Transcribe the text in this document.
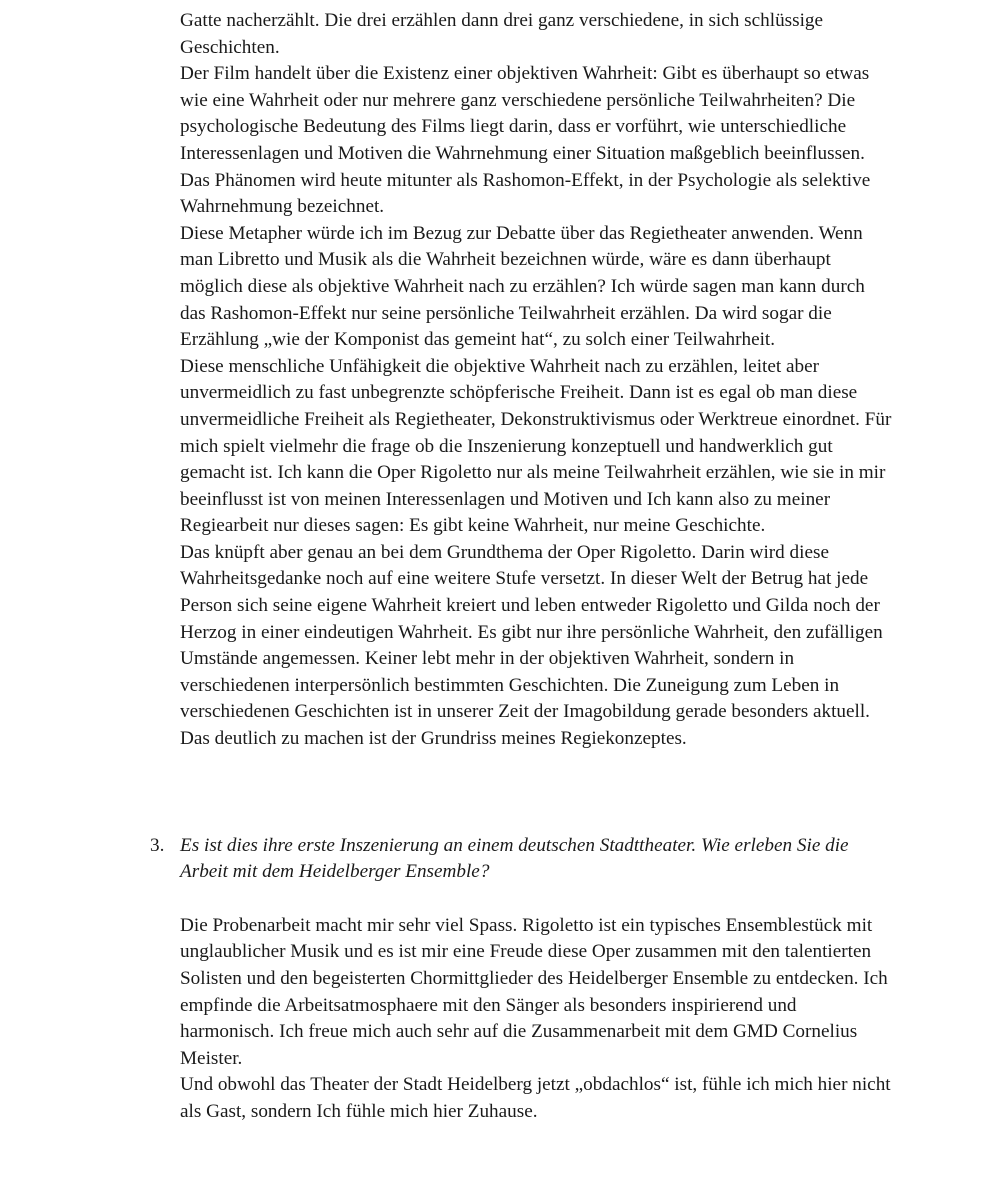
Gatte nacherzählt. Die drei erzählen dann drei ganz verschiedene, in sich schlüssige Geschichten.

Der Film handelt über die Existenz einer objektiven Wahrheit: Gibt es überhaupt so etwas wie eine Wahrheit oder nur mehrere ganz verschiedene persönliche Teilwahrheiten? Die psychologische Bedeutung des Films liegt darin, dass er vorführt, wie unterschiedliche Interessenlagen und Motiven die Wahrnehmung einer Situation maßgeblich beeinflussen. Das Phänomen wird heute mitunter als Rashomon-Effekt, in der Psychologie als selektive Wahrnehmung bezeichnet.

Diese Metapher würde ich im Bezug zur Debatte über das Regietheater anwenden. Wenn man Libretto und Musik als die Wahrheit bezeichnen würde, wäre es dann überhaupt möglich diese als objektive Wahrheit nach zu erzählen? Ich würde sagen man kann durch das Rashomon-Effekt nur seine persönliche Teilwahrheit erzählen. Da wird sogar die Erzählung „wie der Komponist das gemeint hat“, zu solch einer Teilwahrheit.

Diese menschliche Unfähigkeit die objektive Wahrheit nach zu erzählen, leitet aber unvermeidlich zu fast unbegrenzte schöpferische Freiheit. Dann ist es egal ob man diese unvermeidliche Freiheit als Regietheater, Dekonstruktivismus oder Werktreue einordnet. Für mich spielt vielmehr die frage ob die Inszenierung konzeptuell und handwerklich gut gemacht ist. Ich kann die Oper Rigoletto nur als meine Teilwahrheit erzählen, wie sie in mir beeinflusst ist von meinen Interessenlagen und Motiven und Ich kann also zu meiner Regiearbeit nur dieses sagen: Es gibt keine Wahrheit, nur meine Geschichte.

Das knüpft aber genau an bei dem Grundthema der Oper Rigoletto. Darin wird diese Wahrheitsgedanke noch auf eine weitere Stufe versetzt. In dieser Welt der Betrug hat jede Person sich seine eigene Wahrheit kreiert und leben entweder Rigoletto und Gilda noch der Herzog in einer eindeutigen Wahrheit. Es gibt nur ihre persönliche Wahrheit, den zufälligen Umstände angemessen. Keiner lebt mehr in der objektiven Wahrheit, sondern in verschiedenen interpersönlich bestimmten Geschichten. Die Zuneigung zum Leben in verschiedenen Geschichten ist in unserer Zeit der Imagobildung gerade besonders aktuell. Das deutlich zu machen ist der Grundriss meines Regiekonzeptes.

3. Es ist dies ihre erste Inszenierung an einem deutschen Stadttheater. Wie erleben Sie die Arbeit mit dem Heidelberger Ensemble?

Die Probenarbeit macht mir sehr viel Spass. Rigoletto ist ein typisches Ensemblestück mit unglaublicher Musik und es ist mir eine Freude diese Oper zusammen mit den talentierten Solisten und den begeisterten Chormittglieder des Heidelberger Ensemble zu entdecken. Ich empfinde die Arbeitsatmosphaere mit den Sänger als besonders inspirierend und harmonisch. Ich freue mich auch sehr auf die Zusammenarbeit mit dem GMD Cornelius Meister.

Und obwohl das Theater der Stadt Heidelberg jetzt „obdachlos“ ist, fühle ich mich hier nicht als Gast, sondern Ich fühle mich hier Zuhause.
